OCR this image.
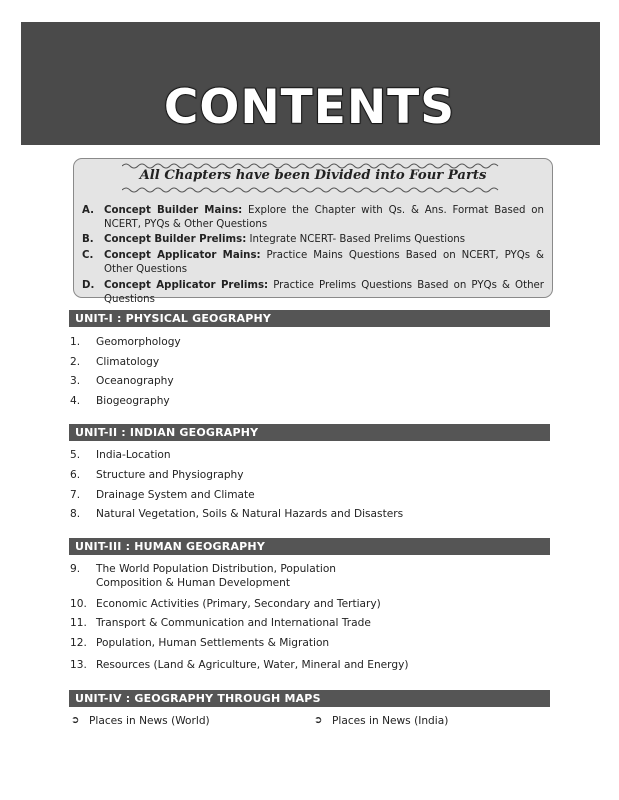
CONTENTS
All Chapters have been Divided into Four Parts
A. Concept Builder Mains: Explore the Chapter with Qs. & Ans. Format Based on NCERT, PYQs & Other Questions
B.	Concept Builder Prelims: Integrate NCERT- Based Prelims Questions
C.	Concept Applicator Mains: Practice Mains Questions Based on NCERT, PYQs & Other Questions
D. Concept Applicator Prelims: Practice Prelims Questions Based on PYQs & Other Questions
UNIT-I : PHYSICAL GEOGRAPHY
1.	Geomorphology
2.	Climatology
3.	Oceanography
4.	Biogeography
UNIT-II : INDIAN GEOGRAPHY
5.	India-Location
6.	Structure and Physiography
7.	Drainage System and Climate
8.	Natural Vegetation, Soils & Natural Hazards and Disasters
UNIT-III : HUMAN GEOGRAPHY
9.	The World Population Distribution, Population
Composition & Human Development
10. Economic Activities (Primary, Secondary and Tertiary)
11. Transport & Communication and International Trade
12. Population, Human Settlements & Migration
13. Resources (Land & Agriculture, Water, Mineral and Energy)
UNIT-IV : GEOGRAPHY THROUGH MAPS
➲ Places in News (World)	➲ Places in News (India)
